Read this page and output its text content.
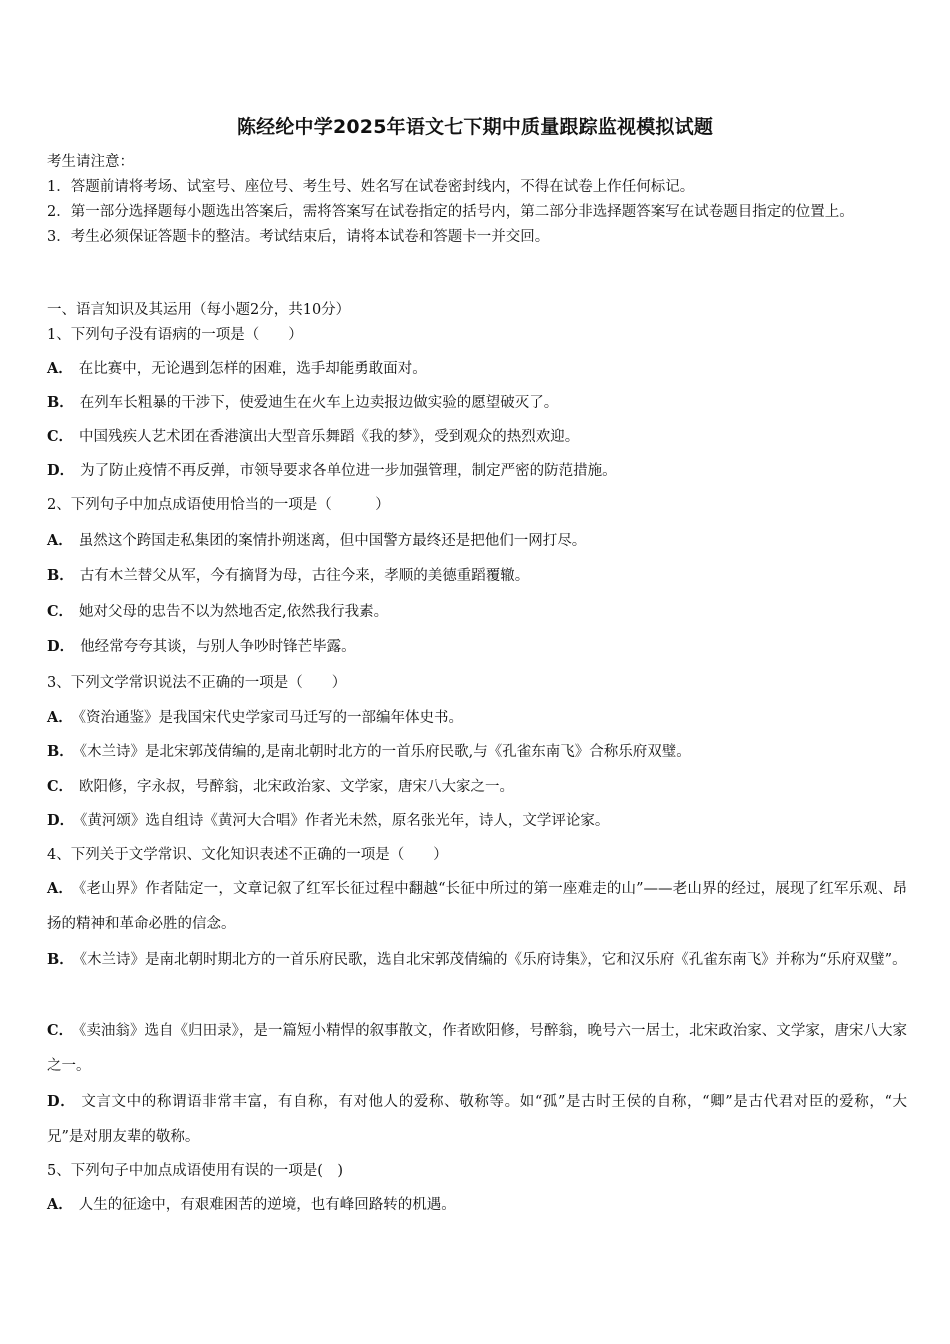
陈经纶中学2025年语文七下期中质量跟踪监视模拟试题
考生请注意：
1．答题前请将考场、试室号、座位号、考生号、姓名写在试卷密封线内，不得在试卷上作任何标记。
2．第一部分选择题每小题选出答案后，需将答案写在试卷指定的括号内，第二部分非选择题答案写在试卷题目指定的位置上。
3．考生必须保证答题卡的整洁。考试结束后，请将本试卷和答题卡一并交回。
一、语言知识及其运用（每小题2分，共10分）
1、下列句子没有语病的一项是（　　）
A． 在比赛中，无论遇到怎样的困难，选手却能勇敢面对。
B． 在列车长粗暴的干涉下，使爱迪生在火车上边卖报边做实验的愿望破灭了。
C． 中国残疾人艺术团在香港演出大型音乐舞蹈《我的梦》，受到观众的热烈欢迎。
D． 为了防止疫情不再反弹，市领导要求各单位进一步加强管理，制定严密的防范措施。
2、下列句子中加点成语使用恰当的一项是（　　　）
A． 虽然这个跨国走私集团的案情扑朔迷离，但中国警方最终还是把他们一网打尽。
B． 古有木兰替父从军，今有摘肾为母，古往今来，孝顺的美德重蹈覆辙。
C． 她对父母的忠告不以为然地否定,依然我行我素。
D． 他经常夸夸其谈，与别人争吵时锋芒毕露。
3、下列文学常识说法不正确的一项是（　　）
A． 《资治通鉴》是我国宋代史学家司马迁写的一部编年体史书。
B． 《木兰诗》是北宋郭茂倩编的,是南北朝时北方的一首乐府民歌,与《孔雀东南飞》合称乐府双璧。
C． 欧阳修，字永叔，号醉翁，北宋政治家、文学家，唐宋八大家之一。
D． 《黄河颂》选自组诗《黄河大合唱》作者光未然，原名张光年，诗人，文学评论家。
4、下列关于文学常识、文化知识表述不正确的一项是（　　）
A． 《老山界》作者陆定一，文章记叙了红军长征过程中翻越“长征中所过的第一座难走的山”——老山界的经过，展现了红军乐观、昂扬的精神和革命必胜的信念。
B． 《木兰诗》是南北朝时期北方的一首乐府民歌，选自北宋郭茂倩编的《乐府诗集》，它和汉乐府《孔雀东南飞》并称为“乐府双璧”。
C． 《卖油翁》选自《归田录》，是一篇短小精悍的叙事散文，作者欧阳修，号醉翁，晚号六一居士，北宋政治家、文学家，唐宋八大家之一。
D． 文言文中的称谓语非常丰富，有自称，有对他人的爱称、敬称等。如“孤”是古时王侯的自称，“卿”是古代君对臣的爱称，“大兄”是对朋友辈的敬称。
5、下列句子中加点成语使用有误的一项是(　)
A． 人生的征途中，有艰难困苦的逆境，也有峰回路转的机遇。
